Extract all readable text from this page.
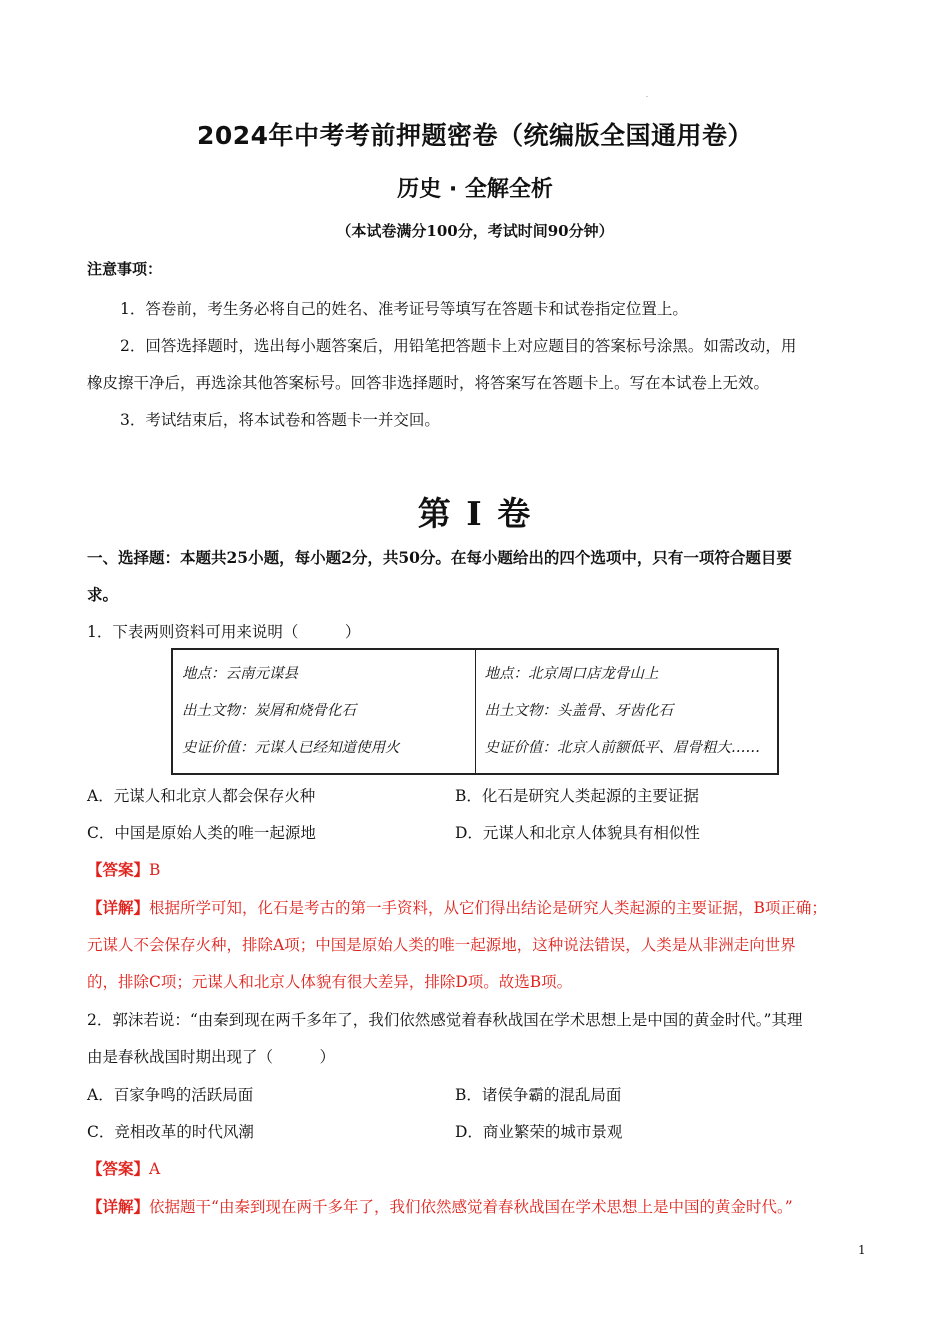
.
2024年中考考前押题密卷（统编版全国通用卷）
历史 · 全解全析
（本试卷满分100分，考试时间90分钟）
注意事项：
1．答卷前，考生务必将自己的姓名、准考证号等填写在答题卡和试卷指定位置上。
2．回答选择题时，选出每小题答案后，用铅笔把答题卡上对应题目的答案标号涂黑。如需改动，用
橡皮擦干净后，再选涂其他答案标号。回答非选择题时，将答案写在答题卡上。写在本试卷上无效。
3．考试结束后，将本试卷和答题卡一并交回。
第 I 卷
一、选择题：本题共25小题，每小题2分，共50分。在每小题给出的四个选项中，只有一项符合题目要
求。
1．下表两则资料可用来说明（　　　）
地点：云南元谋县
出土文物：炭屑和烧骨化石
史证价值：元谋人已经知道使用火

地点：北京周口店龙骨山上
出土文物：头盖骨、牙齿化石
史证价值：北京人前额低平、眉骨粗大……
A．元谋人和北京人都会保存火种	B．化石是研究人类起源的主要证据
C．中国是原始人类的唯一起源地	D．元谋人和北京人体貌具有相似性
【答案】B
【详解】根据所学可知，化石是考古的第一手资料，从它们得出结论是研究人类起源的主要证据，B项正确；
元谋人不会保存火种，排除A项；中国是原始人类的唯一起源地，这种说法错误，人类是从非洲走向世界
的，排除C项；元谋人和北京人体貌有很大差异，排除D项。故选B项。
2．郭沫若说：“由秦到现在两千多年了，我们依然感觉着春秋战国在学术思想上是中国的黄金时代。”其理
由是春秋战国时期出现了（　　　）
A．百家争鸣的活跃局面	B．诸侯争霸的混乱局面
C．竞相改革的时代风潮	D．商业繁荣的城市景观
【答案】A
【详解】依据题干“由秦到现在两千多年了，我们依然感觉着春秋战国在学术思想上是中国的黄金时代。”
1
